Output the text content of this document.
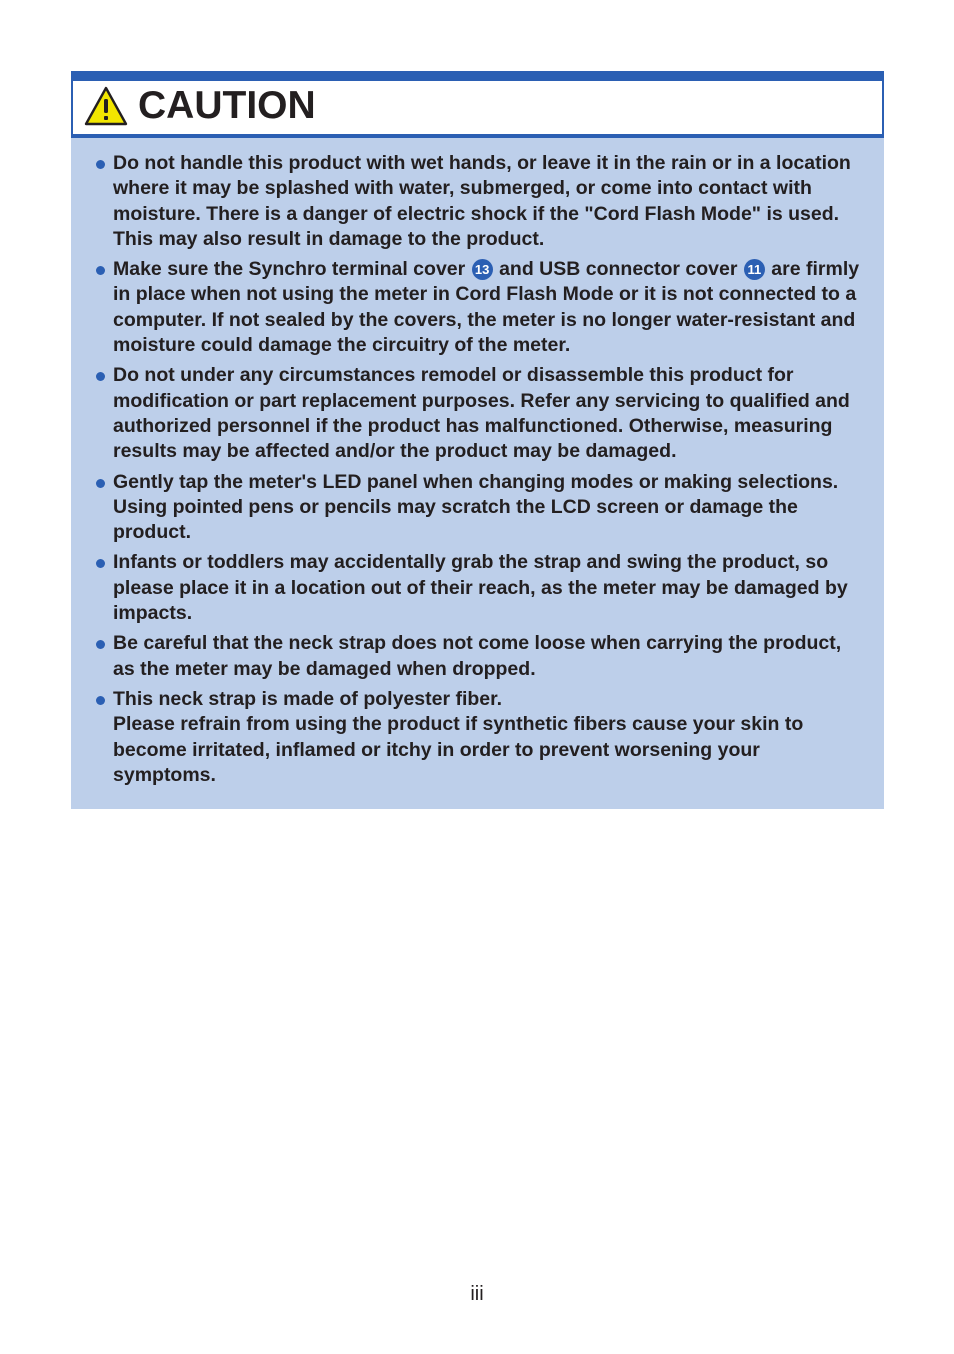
CAUTION
Do not handle this product with wet hands, or leave it in the rain or in a location where it may be splashed with water, submerged, or come into contact with moisture. There is a danger of electric shock if the "Cord Flash Mode" is used. This may also result in damage to the product.
Make sure the Synchro terminal cover 13 and USB connector cover 11 are firmly in place when not using the meter in Cord Flash Mode or it is not connected to a computer. If not sealed by the covers, the meter is no longer water-resistant and moisture could damage the circuitry of the meter.
Do not under any circumstances remodel or disassemble this product for modification or part replacement purposes. Refer any servicing to qualified and authorized personnel if the product has malfunctioned. Otherwise, measuring results may be affected and/or the product may be damaged.
Gently tap the meter's LED panel when changing modes or making selections. Using pointed pens or pencils may scratch the LCD screen or damage the product.
Infants or toddlers may accidentally grab the strap and swing the product, so please place it in a location out of their reach, as the meter may be damaged by impacts.
Be careful that the neck strap does not come loose when carrying the product, as the meter may be damaged when dropped.
This neck strap is made of polyester fiber.
Please refrain from using the product if synthetic fibers cause your skin to become irritated, inflamed or itchy in order to prevent worsening your symptoms.
iii
